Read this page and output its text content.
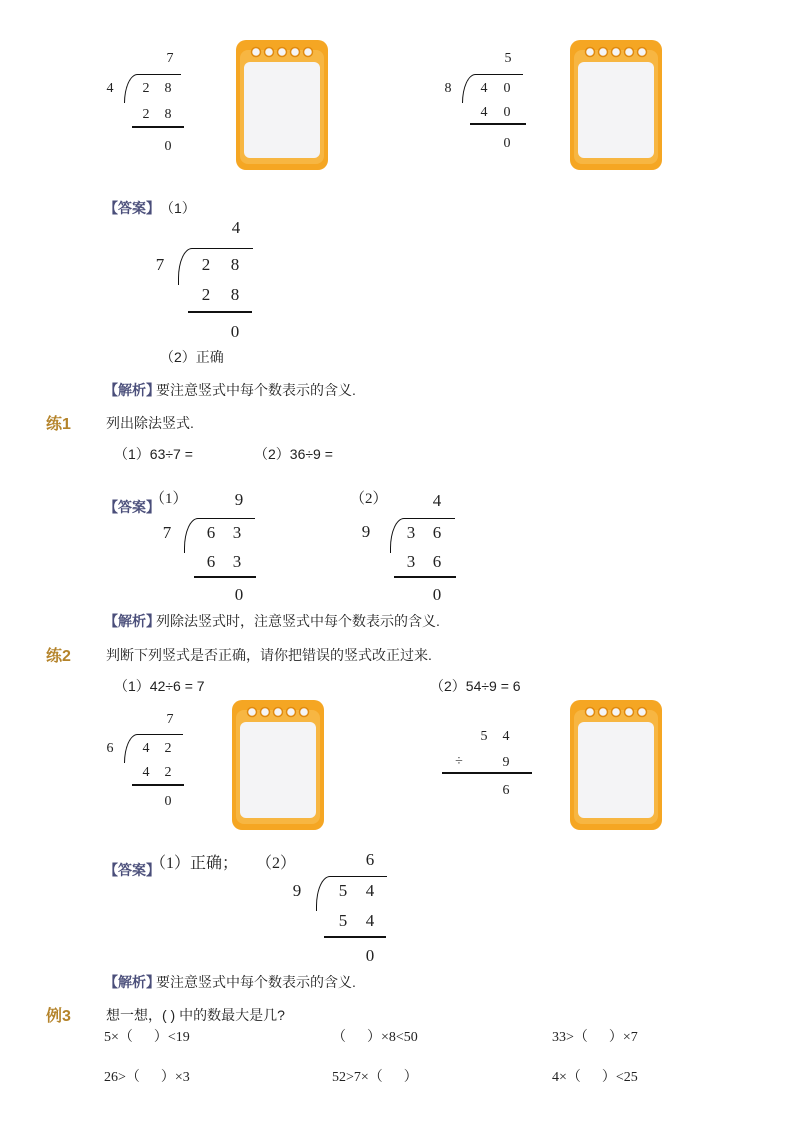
7
4	2	8
2	8
0
5
8	4	0
4	0
0
【答案】 （1）
4
7	2	8
2	8
0
（2）正确
【解析】
要注意竖式中每个数表示的含义.
练1	列出除法竖式.
（1）63÷7 =	（2）36÷9 =
【答案】
（1）	9
7	6	3
6	3
0
（2）	4
9	3	6
3	6
0
【解析】
列除法竖式时，注意竖式中每个数表示的含义.
练2	判断下列竖式是否正确，请你把错误的竖式改正过来.
（1）42÷6 = 7	（2）54÷9 = 6
7
6	4	2
4	2
0
5 4
÷	9
6
【答案】
（1）正确； （2）	6
9	5	4
5	4
0
【解析】
要注意竖式中每个数表示的含义.
例3	想一想，( ) 中的数最大是几?
5×（      ）<19	（      ）×8<50	33>（      ）×7
26>（      ）×3	52>7×（      ）	4×（      ）<25
